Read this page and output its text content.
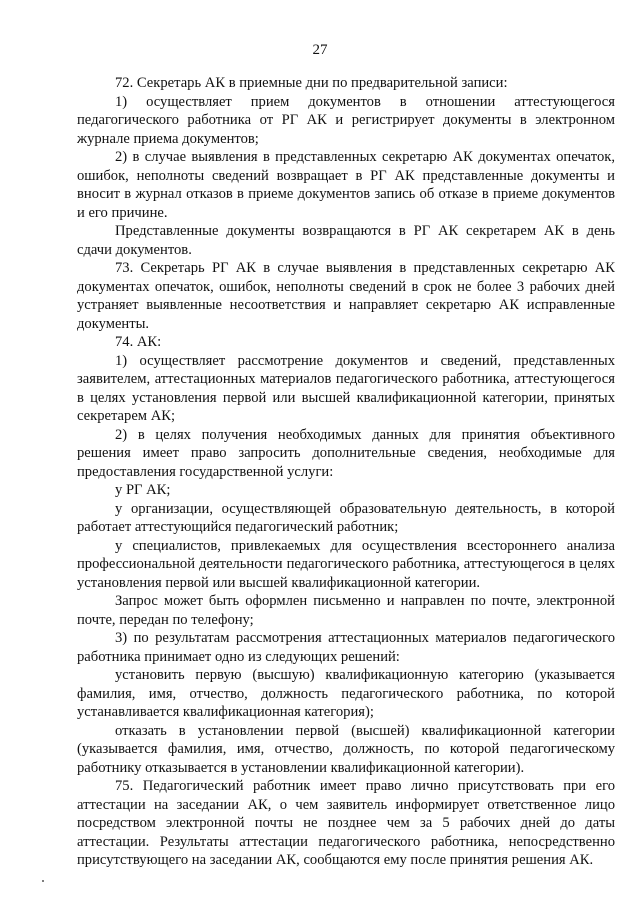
27

72. Секретарь АК в приемные дни по предварительной записи:

1) осуществляет прием документов в отношении аттестующегося педагогического работника от РГ АК и регистрирует документы в электронном журнале приема документов;

2) в случае выявления в представленных секретарю АК документах опечаток, ошибок, неполноты сведений возвращает в РГ АК представленные документы и вносит в журнал отказов в приеме документов запись об отказе в приеме документов и его причине.

Представленные документы возвращаются в РГ АК секретарем АК в день сдачи документов.

73. Секретарь РГ АК в случае выявления в представленных секретарю АК документах опечаток, ошибок, неполноты сведений в срок не более 3 рабочих дней устраняет выявленные несоответствия и направляет секретарю АК исправленные документы.

74. АК:

1) осуществляет рассмотрение документов и сведений, представленных заявителем, аттестационных материалов педагогического работника, аттестующегося в целях установления первой или высшей квалификационной категории, принятых секретарем АК;

2) в целях получения необходимых данных для принятия объективного решения имеет право запросить дополнительные сведения, необходимые для предоставления государственной услуги:

у РГ АК;

у организации, осуществляющей образовательную деятельность, в которой работает аттестующийся педагогический работник;

у специалистов, привлекаемых для осуществления всестороннего анализа профессиональной деятельности педагогического работника, аттестующегося в целях установления первой или высшей квалификационной категории.

Запрос может быть оформлен письменно и направлен по почте, электронной почте, передан по телефону;

3) по результатам рассмотрения аттестационных материалов педагогического работника принимает одно из следующих решений:

установить первую (высшую) квалификационную категорию (указывается фамилия, имя, отчество, должность педагогического работника, по которой устанавливается квалификационная категория);

отказать в установлении первой (высшей) квалификационной категории (указывается фамилия, имя, отчество, должность, по которой педагогическому работнику отказывается в установлении квалификационной категории).

75. Педагогический работник имеет право лично присутствовать при его аттестации на заседании АК, о чем заявитель информирует ответственное лицо посредством электронной почты не позднее чем за 5 рабочих дней до даты аттестации. Результаты аттестации педагогического работника, непосредственно присутствующего на заседании АК, сообщаются ему после принятия решения АК.
